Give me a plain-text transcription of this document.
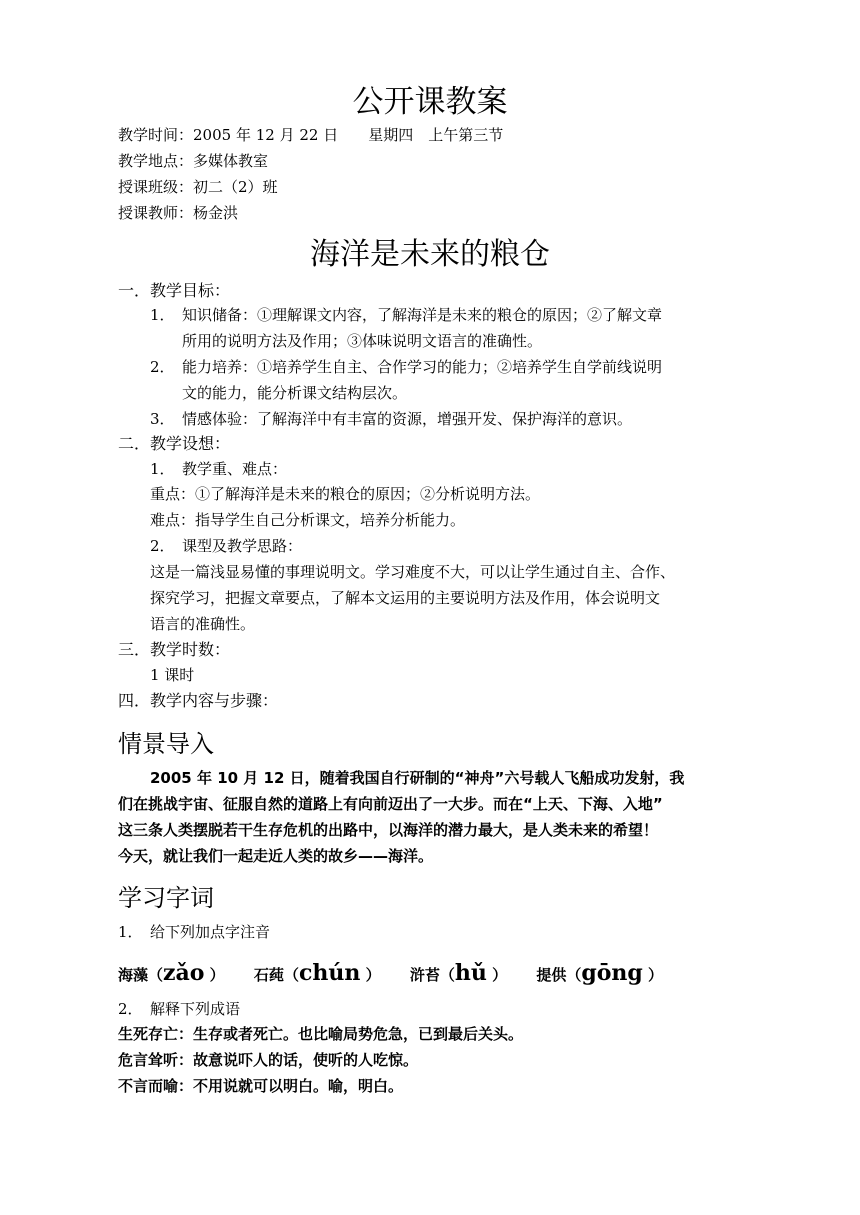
公开课教案
教学时间：2005 年 12 月 22 日　　星期四　上午第三节
教学地点：多媒体教室
授课班级：初二（2）班
授课教师：杨金洪
海洋是未来的粮仓
一．教学目标：
1． 知识储备：①理解课文内容，了解海洋是未来的粮仓的原因；②了解文章
所用的说明方法及作用；③体味说明文语言的准确性。
2． 能力培养：①培养学生自主、合作学习的能力；②培养学生自学前线说明
文的能力，能分析课文结构层次。
3． 情感体验：了解海洋中有丰富的资源，增强开发、保护海洋的意识。
二．教学设想：
1．　教学重、难点：
重点：①了解海洋是未来的粮仓的原因；②分析说明方法。
难点：指导学生自己分析课文，培养分析能力。
2．　课型及教学思路：
这是一篇浅显易懂的事理说明文。学习难度不大，可以让学生通过自主、合作、
探究学习，把握文章要点，了解本文运用的主要说明方法及作用，体会说明文
语言的准确性。
三．教学时数：
1 课时
四．教学内容与步骤：
情景导入
2005 年 10 月 12 日，随着我国自行研制的“神舟”六号载人飞船成功发射，我
们在挑战宇宙、征服自然的道路上有向前迈出了一大步。而在“上天、下海、入地”
这三条人类摆脱若干生存危机的出路中，以海洋的潜力最大，是人类未来的希望！
今天，就让我们一起走近人类的故乡——海洋。
学习字词
1．　给下列加点字注音
海藻（zǎo ） 石莼（chún ） 浒苔（hǔ ） 提供（gōng ）
2．　解释下列成语
生死存亡：生存或者死亡。也比喻局势危急，已到最后关头。
危言耸听：故意说吓人的话，使听的人吃惊。
不言而喻：不用说就可以明白。喻，明白。
